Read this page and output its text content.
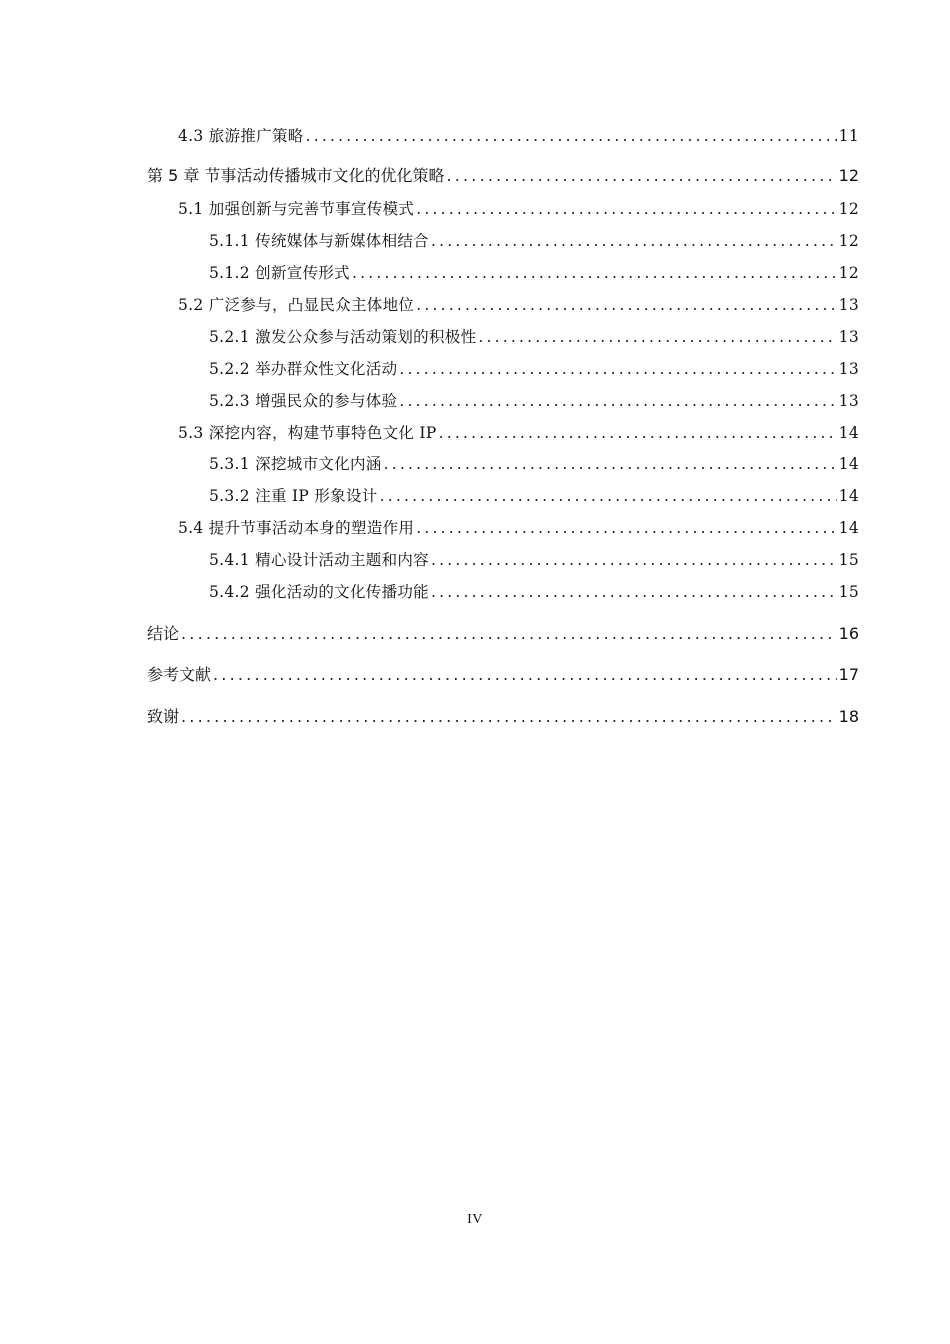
4.3 旅游推广策略 .....	11
第 5 章 节事活动传播城市文化的优化策略 .....	12
5.1 加强创新与完善节事宣传模式 .....	12
5.1.1 传统媒体与新媒体相结合 .....	12
5.1.2 创新宣传形式 .....	12
5.2 广泛参与，凸显民众主体地位 .....	13
5.2.1 激发公众参与活动策划的积极性 .....	13
5.2.2 举办群众性文化活动 .....	13
5.2.3 增强民众的参与体验 .....	13
5.3 深挖内容，构建节事特色文化 IP .....	14
5.3.1 深挖城市文化内涵 .....	14
5.3.2 注重 IP 形象设计 .....	14
5.4 提升节事活动本身的塑造作用 .....	14
5.4.1 精心设计活动主题和内容 .....	15
5.4.2 强化活动的文化传播功能 .....	15
结论 .....	16
参考文献 .....	17
致谢 .....	18
IV
